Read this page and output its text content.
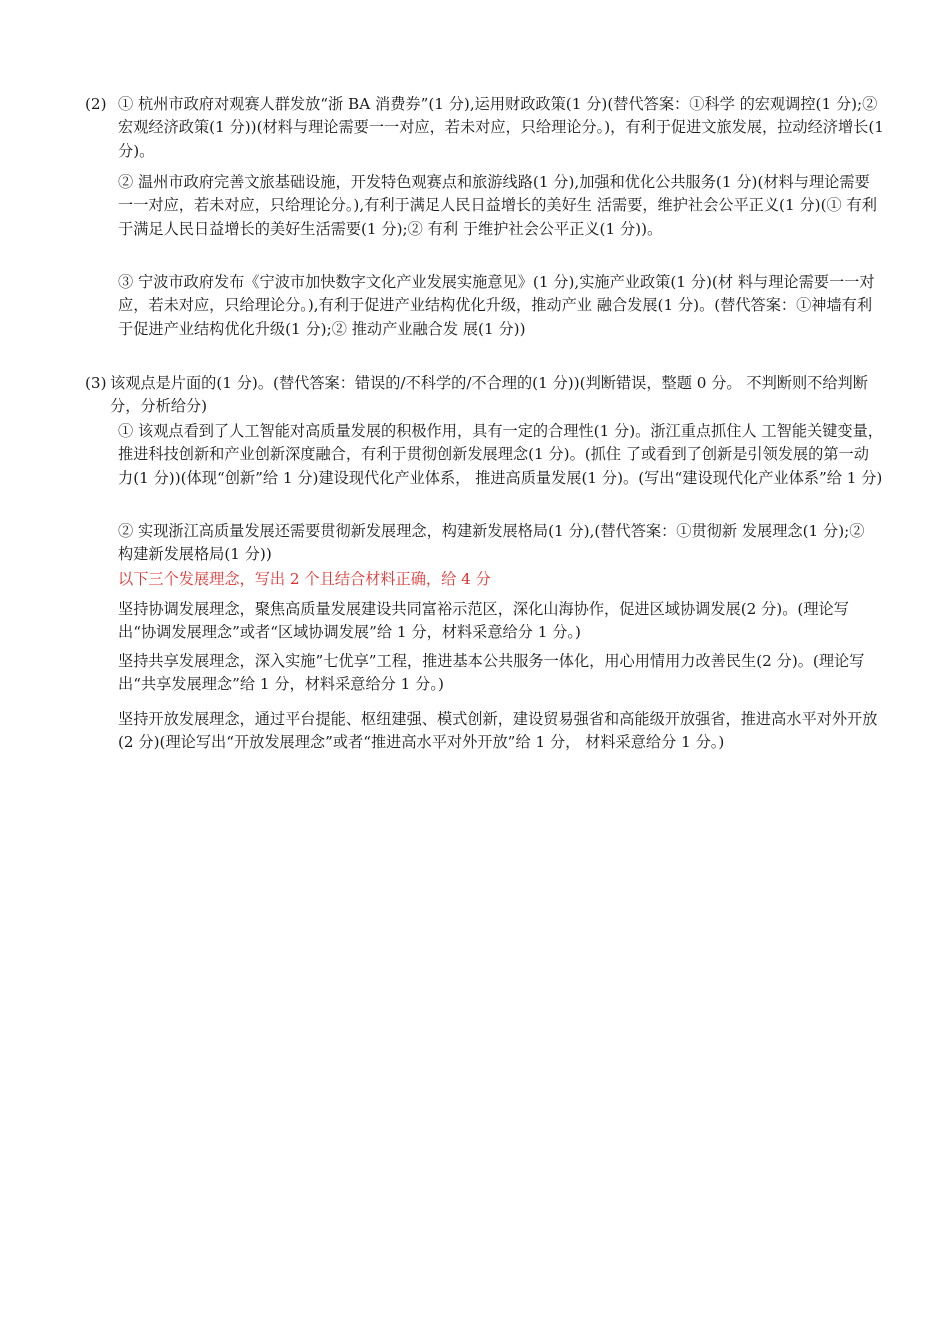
(2) ① 杭州市政府对观赛人群发放“浙 BA 消费券”(1 分),运用财政政策(1 分)(替代答案：①科学 的宏观调控(1 分);② 宏观经济政策(1 分))(材料与理论需要一一对应，若未对应，只给理论分。)，有利于促进文旅发展，拉动经济增长(1 分)。

② 温州市政府完善文旅基础设施，开发特色观赛点和旅游线路(1 分),加强和优化公共服务(1 分)(材料与理论需要一一对应，若未对应，只给理论分。),有利于满足人民日益增长的美好生 活需要，维护社会公平正义(1 分)(① 有利于满足人民日益增长的美好生活需要(1 分);② 有利 于维护社会公平正义(1 分))。

③ 宁波市政府发布《宁波市加快数字文化产业发展实施意见》(1 分),实施产业政策(1 分)(材 料与理论需要一一对应，若未对应，只给理论分。),有利于促进产业结构优化升级，推动产业 融合发展(1 分)。(替代答案：①神墙有利于促进产业结构优化升级(1 分);② 推动产业融合发 展(1 分))

(3) 该观点是片面的(1 分)。(替代答案：错误的/不科学的/不合理的(1 分))(判断错误，整题 0 分。 不判断则不给判断分，分析给分)

① 该观点看到了人工智能对高质量发展的积极作用，具有一定的合理性(1 分)。浙江重点抓住人 工智能关键变量，推进科技创新和产业创新深度融合，有利于贯彻创新发展理念(1 分)。(抓住 了或看到了创新是引领发展的第一动力(1 分))(体现“创新”给 1 分)建设现代化产业体系， 推进高质量发展(1 分)。(写出“建设现代化产业体系”给 1 分)

② 实现浙江高质量发展还需要贯彻新发展理念，构建新发展格局(1 分),(替代答案：①贯彻新 发展理念(1 分);② 构建新发展格局(1 分))

以下三个发展理念，写出 2 个且结合材料正确，给 4 分

坚持协调发展理念，聚焦高质量发展建设共同富裕示范区，深化山海协作，促进区域协调发展(2 分)。(理论写出“协调发展理念”或者“区域协调发展”给 1 分，材料采意给分 1 分。)

坚持共享发展理念，深入实施”七优享”工程，推进基本公共服务一体化，用心用情用力改善民生(2 分)。(理论写出“共享发展理念”给 1 分，材料采意给分 1 分。)

坚持开放发展理念，通过平台提能、枢纽建强、模式创新，建设贸易强省和高能级开放强省，推进高水平对外开放(2 分)(理论写出“开放发展理念”或者“推进高水平对外开放”给 1 分， 材料采意给分 1 分。)
